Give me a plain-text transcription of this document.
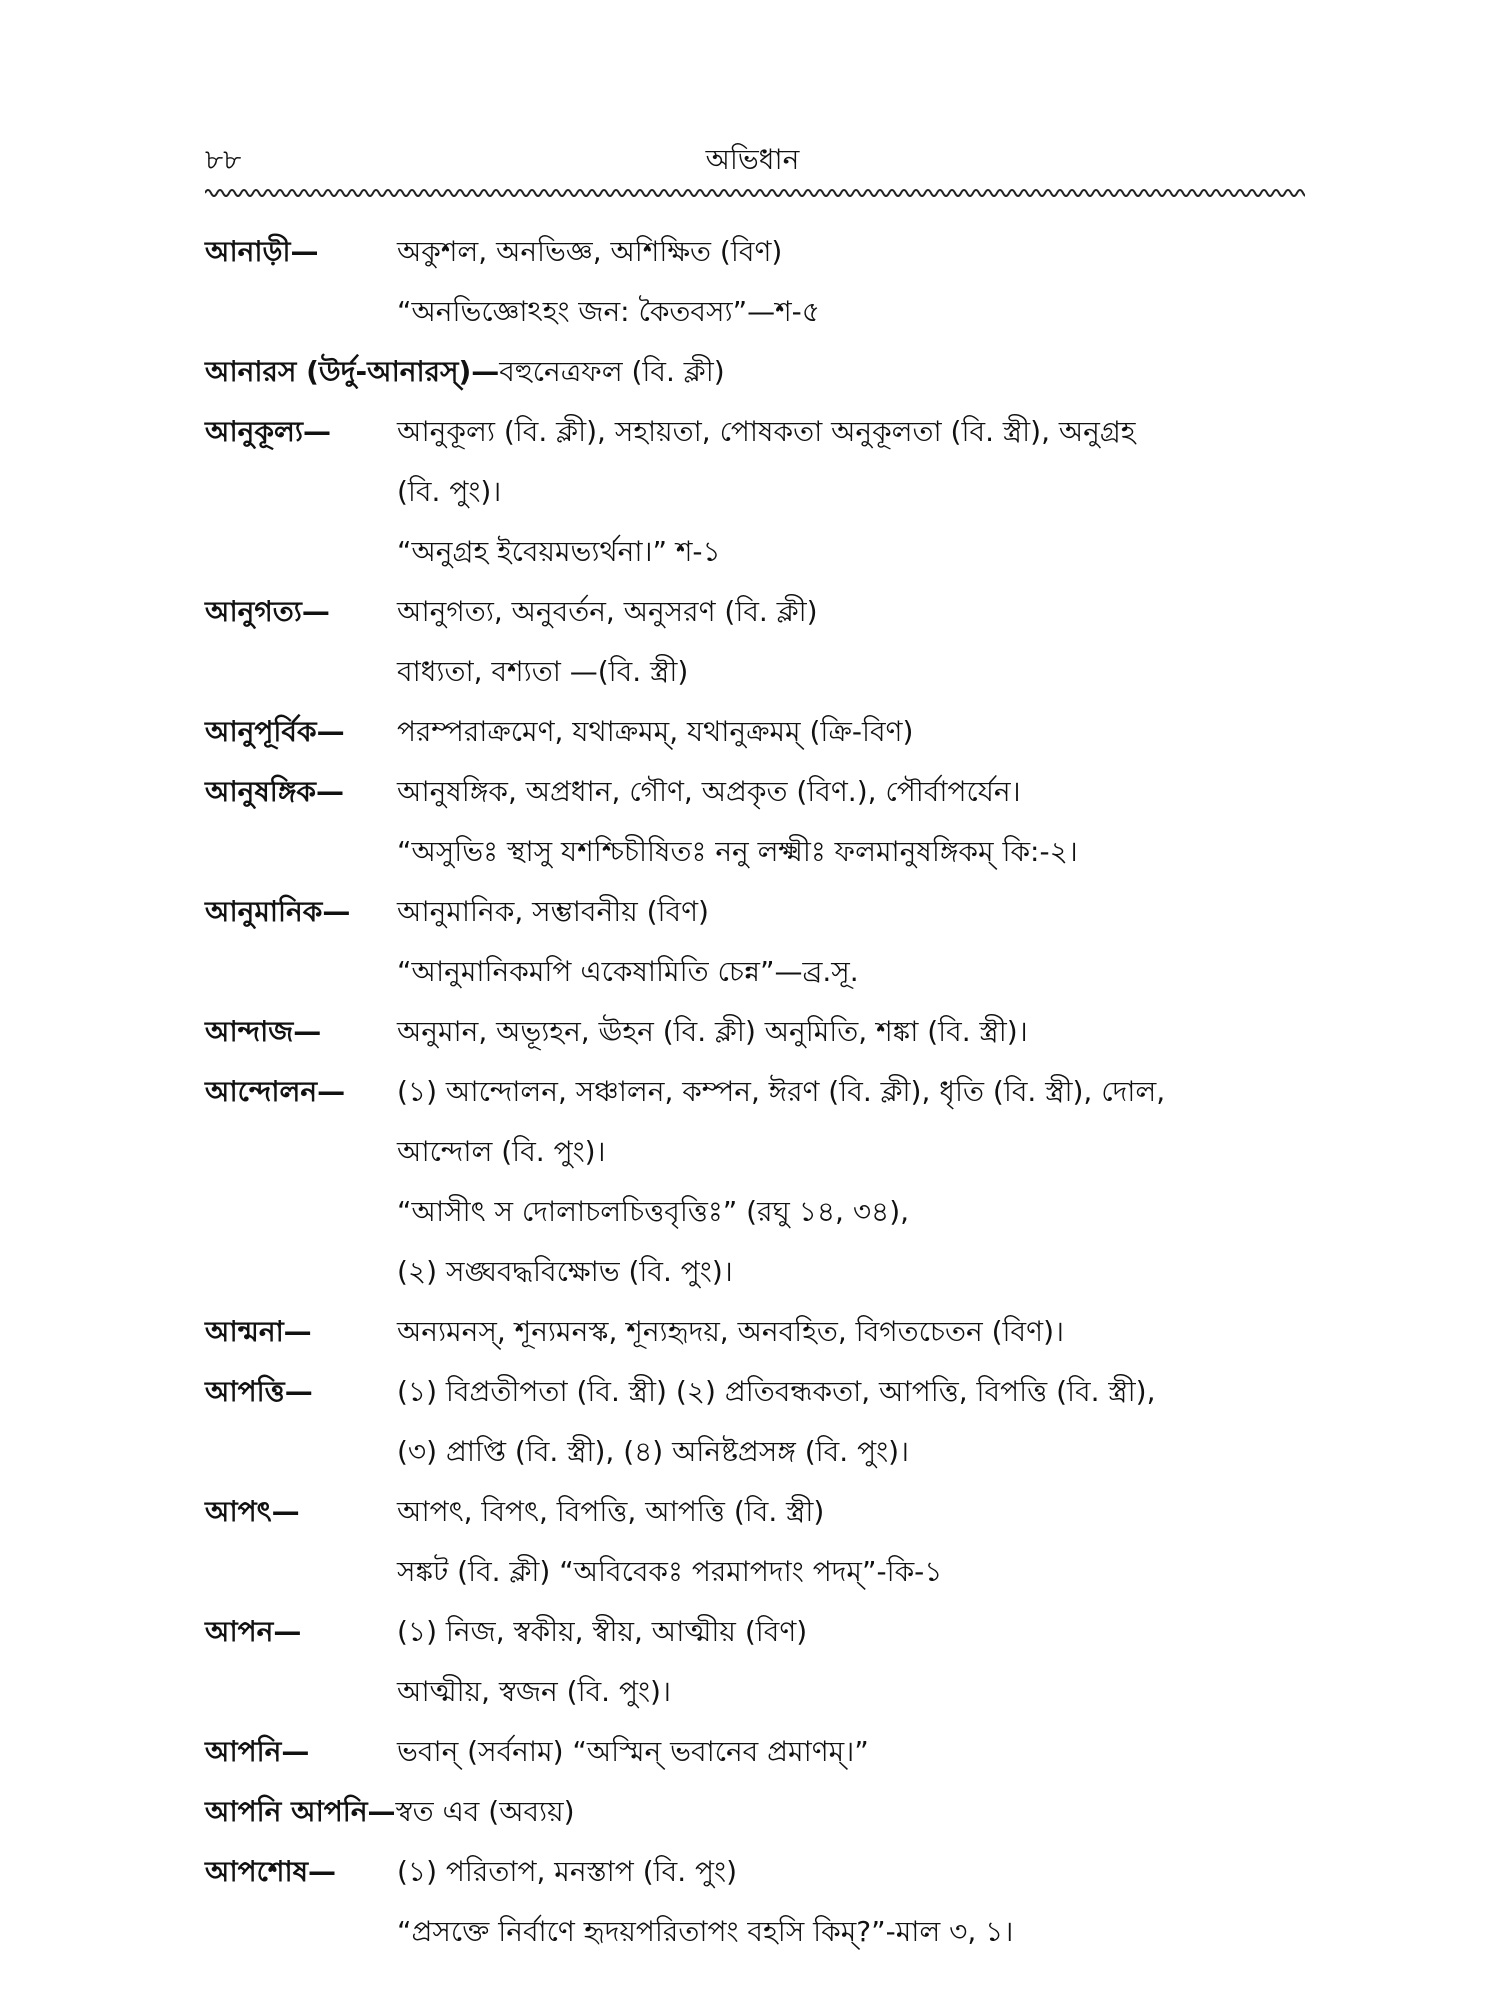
৮৮	অভিধান
আনাড়ী—	অকুশল, অনভিজ্ঞ, অশিক্ষিত (বিণ)
“অনভিজ্ঞোঽহং জন: কৈতবস্য”—শ-৫
আনারস (উর্দু-আনারস্)—বহুনেত্রফল (বি. ক্লী)
আনুকূল্য— আনুকূল্য (বি. ক্লী), সহায়তা, পোষকতা অনুকূলতা (বি. স্ত্রী), অনুগ্রহ
(বি. পুং)।
“অনুগ্রহ ইবেয়মভ্যর্থনা।” শ-১
আনুগত্য— আনুগত্য, অনুবর্তন, অনুসরণ (বি. ক্লী)
বাধ্যতা, বশ্যতা —(বি. স্ত্রী)
আনুপূর্বিক— পরম্পরাক্রমেণ, যথাক্রমম্, যথানুক্রমম্ (ক্রি-বিণ)
আনুষঙ্গিক— আনুষঙ্গিক, অপ্রধান, গৌণ, অপ্রকৃত (বিণ.), পৌর্বাপর্যেন।
“অসুভিঃ স্থাসু যশশ্চিচীষিতঃ ননু লক্ষ্মীঃ ফলমানুষঙ্গিকম্ কি:-২।
আনুমানিক— আনুমানিক, সম্ভাবনীয় (বিণ)
“আনুমানিকমপি একেষামিতি চেন্ন”—ব্র.সূ.
আন্দাজ—	অনুমান, অভ্যূহন, ঊহন (বি. ক্লী) অনুমিতি, শঙ্কা (বি. স্ত্রী)।
আন্দোলন— (১) আন্দোলন, সঞ্চালন, কম্পন, ঈরণ (বি. ক্লী), ধৃতি (বি. স্ত্রী), দোল,
আন্দোল (বি. পুং)।
“আসীৎ স দোলাচলচিত্তবৃত্তিঃ” (রঘু ১৪, ৩৪),
(২) সঙ্ঘবদ্ধবিক্ষোভ (বি. পুং)।
আন্মনা—	অন্যমনস্, শূন্যমনস্ক, শূন্যহৃদয়, অনবহিত, বিগতচেতন (বিণ)।
আপত্তি—	(১) বিপ্রতীপতা (বি. স্ত্রী) (২) প্রতিবন্ধকতা, আপত্তি, বিপত্তি (বি. স্ত্রী),
(৩) প্রাপ্তি (বি. স্ত্রী), (৪) অনিষ্টপ্রসঙ্গ (বি. পুং)।
আপৎ—	আপৎ, বিপৎ, বিপত্তি, আপত্তি (বি. স্ত্রী)
সঙ্কট (বি. ক্লী) “অবিবেকঃ পরমাপদাং পদম্”-কি-১
আপন—	(১) নিজ, স্বকীয়, স্বীয়, আত্মীয় (বিণ)
আত্মীয়, স্বজন (বি. পুং)।
আপনি—	ভবান্ (সর্বনাম) “অস্মিন্ ভবানেব প্রমাণম্।”
আপনি আপনি—স্বত এব (অব্যয়)
আপশোষ— (১) পরিতাপ, মনস্তাপ (বি. পুং)
“প্রসক্তে নির্বাণে হৃদয়পরিতাপং বহসি কিম্?”-মাল ৩, ১।
